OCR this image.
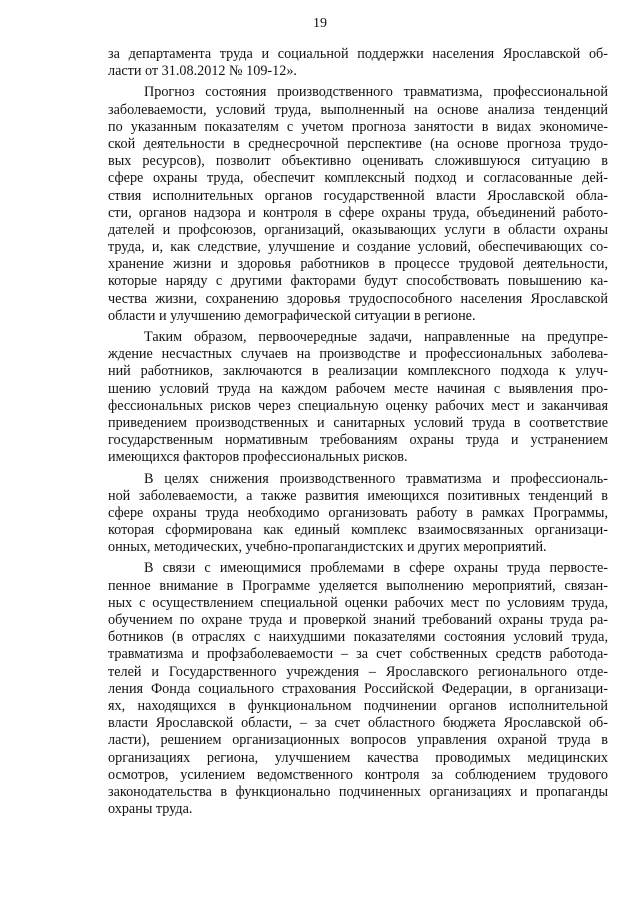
19
за департамента труда и социальной поддержки населения Ярославской об-
ласти от 31.08.2012 № 109-12».
Прогноз состояния производственного травматизма, профессиональной
заболеваемости, условий труда, выполненный на основе анализа тенденций
по указанным показателям с учетом прогноза занятости в видах экономиче-
ской деятельности в среднесрочной перспективе (на основе прогноза трудо-
вых ресурсов), позволит объективно оценивать сложившуюся ситуацию в
сфере охраны труда, обеспечит комплексный подход и согласованные дей-
ствия исполнительных органов государственной власти Ярославской обла-
сти, органов надзора и контроля в сфере охраны труда, объединений работо-
дателей и профсоюзов, организаций, оказывающих услуги в области охраны
труда, и, как следствие, улучшение и создание условий, обеспечивающих со-
хранение жизни и здоровья работников в процессе трудовой деятельности,
которые наряду с другими факторами будут способствовать повышению ка-
чества жизни, сохранению здоровья трудоспособного населения Ярославской
области и улучшению демографической ситуации в регионе.
Таким образом, первоочередные задачи, направленные на предупре-
ждение несчастных случаев на производстве и профессиональных заболева-
ний работников, заключаются в реализации комплексного подхода к улуч-
шению условий труда на каждом рабочем месте начиная с выявления про-
фессиональных рисков через специальную оценку рабочих мест и заканчивая
приведением производственных и санитарных условий труда в соответствие
государственным нормативным требованиям охраны труда и устранением
имеющихся факторов профессиональных рисков.
В целях снижения производственного травматизма и профессиональ-
ной заболеваемости, а также развития имеющихся позитивных тенденций в
сфере охраны труда необходимо организовать работу в рамках Программы,
которая сформирована как единый комплекс взаимосвязанных организаци-
онных, методических, учебно-пропагандистских и других мероприятий.
В связи с имеющимися проблемами в сфере охраны труда первосте-
пенное внимание в Программе уделяется выполнению мероприятий, связан-
ных с осуществлением специальной оценки рабочих мест по условиям труда,
обучением по охране труда и проверкой знаний требований охраны труда ра-
ботников (в отраслях с наихудшими показателями состояния условий труда,
травматизма и профзаболеваемости – за счет собственных средств работода-
телей и Государственного учреждения – Ярославского регионального отде-
ления Фонда социального страхования Российской Федерации, в организаци-
ях, находящихся в функциональном подчинении органов исполнительной
власти Ярославской области, – за счет областного бюджета Ярославской об-
ласти), решением организационных вопросов управления охраной труда в
организациях региона, улучшением качества проводимых медицинских
осмотров, усилением ведомственного контроля за соблюдением трудового
законодательства в функционально подчиненных организациях и пропаганды
охраны труда.
